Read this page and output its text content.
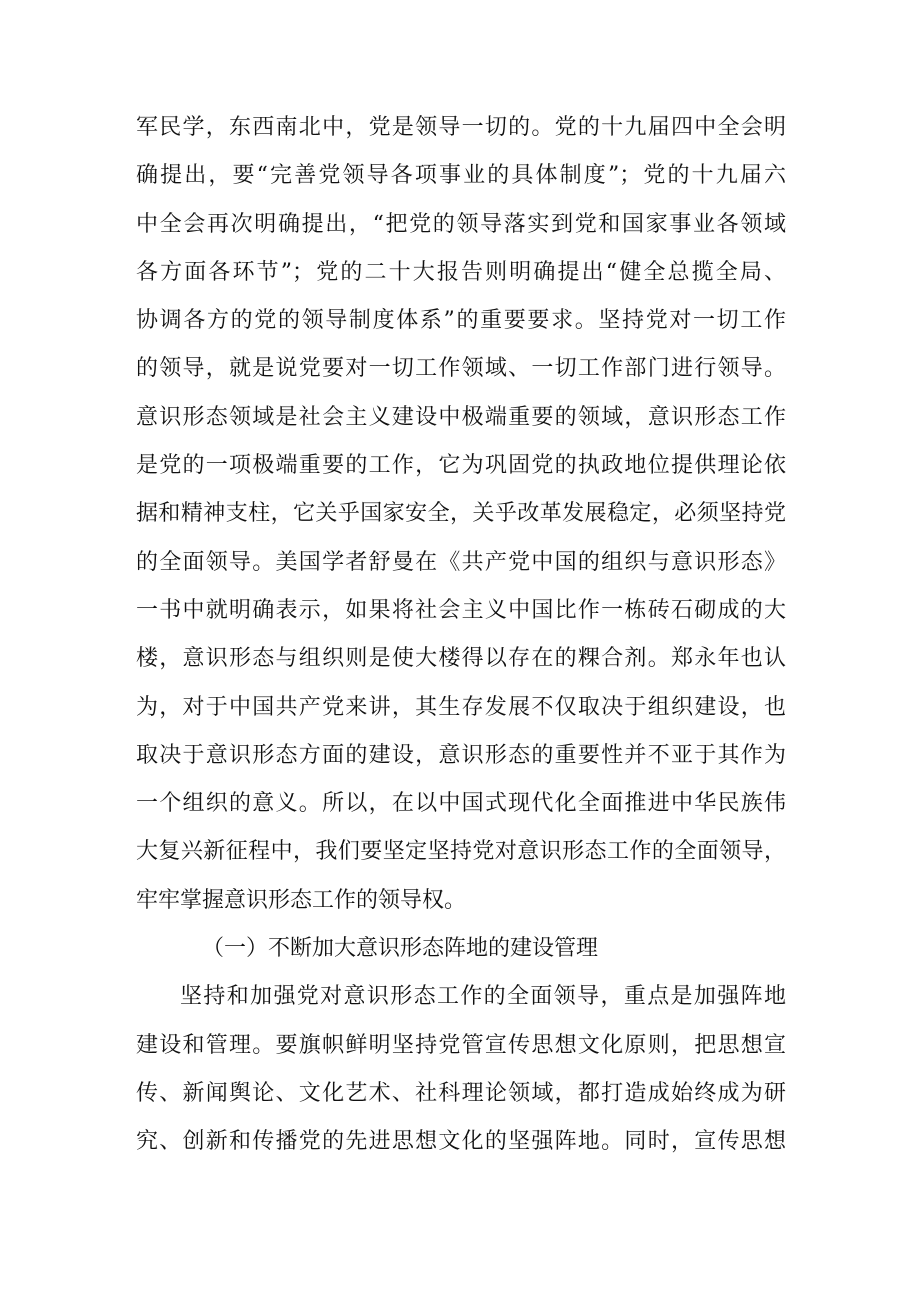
军民学，东西南北中，党是领导一切的。党的十九届四中全会明
确提出，要“完善党领导各项事业的具体制度”；党的十九届六
中全会再次明确提出，“把党的领导落实到党和国家事业各领域
各方面各环节”；党的二十大报告则明确提出“健全总揽全局、
协调各方的党的领导制度体系”的重要要求。坚持党对一切工作
的领导，就是说党要对一切工作领域、一切工作部门进行领导。
意识形态领域是社会主义建设中极端重要的领域，意识形态工作
是党的一项极端重要的工作，它为巩固党的执政地位提供理论依
据和精神支柱，它关乎国家安全，关乎改革发展稳定，必须坚持党
的全面领导。美国学者舒曼在《共产党中国的组织与意识形态》
一书中就明确表示，如果将社会主义中国比作一栋砖石砌成的大
楼，意识形态与组织则是使大楼得以存在的粿合剂。郑永年也认
为，对于中国共产党来讲，其生存发展不仅取决于组织建设，也
取决于意识形态方面的建设，意识形态的重要性并不亚于其作为
一个组织的意义。所以，在以中国式现代化全面推进中华民族伟
大复兴新征程中，我们要坚定坚持党对意识形态工作的全面领导，
牢牢掌握意识形态工作的领导权。
（一）不断加大意识形态阵地的建设管理
坚持和加强党对意识形态工作的全面领导，重点是加强阵地
建设和管理。要旗帜鲜明坚持党管宣传思想文化原则，把思想宣
传、新闻舆论、文化艺术、社科理论领域，都打造成始终成为研
究、创新和传播党的先进思想文化的坚强阵地。同时，宣传思想
